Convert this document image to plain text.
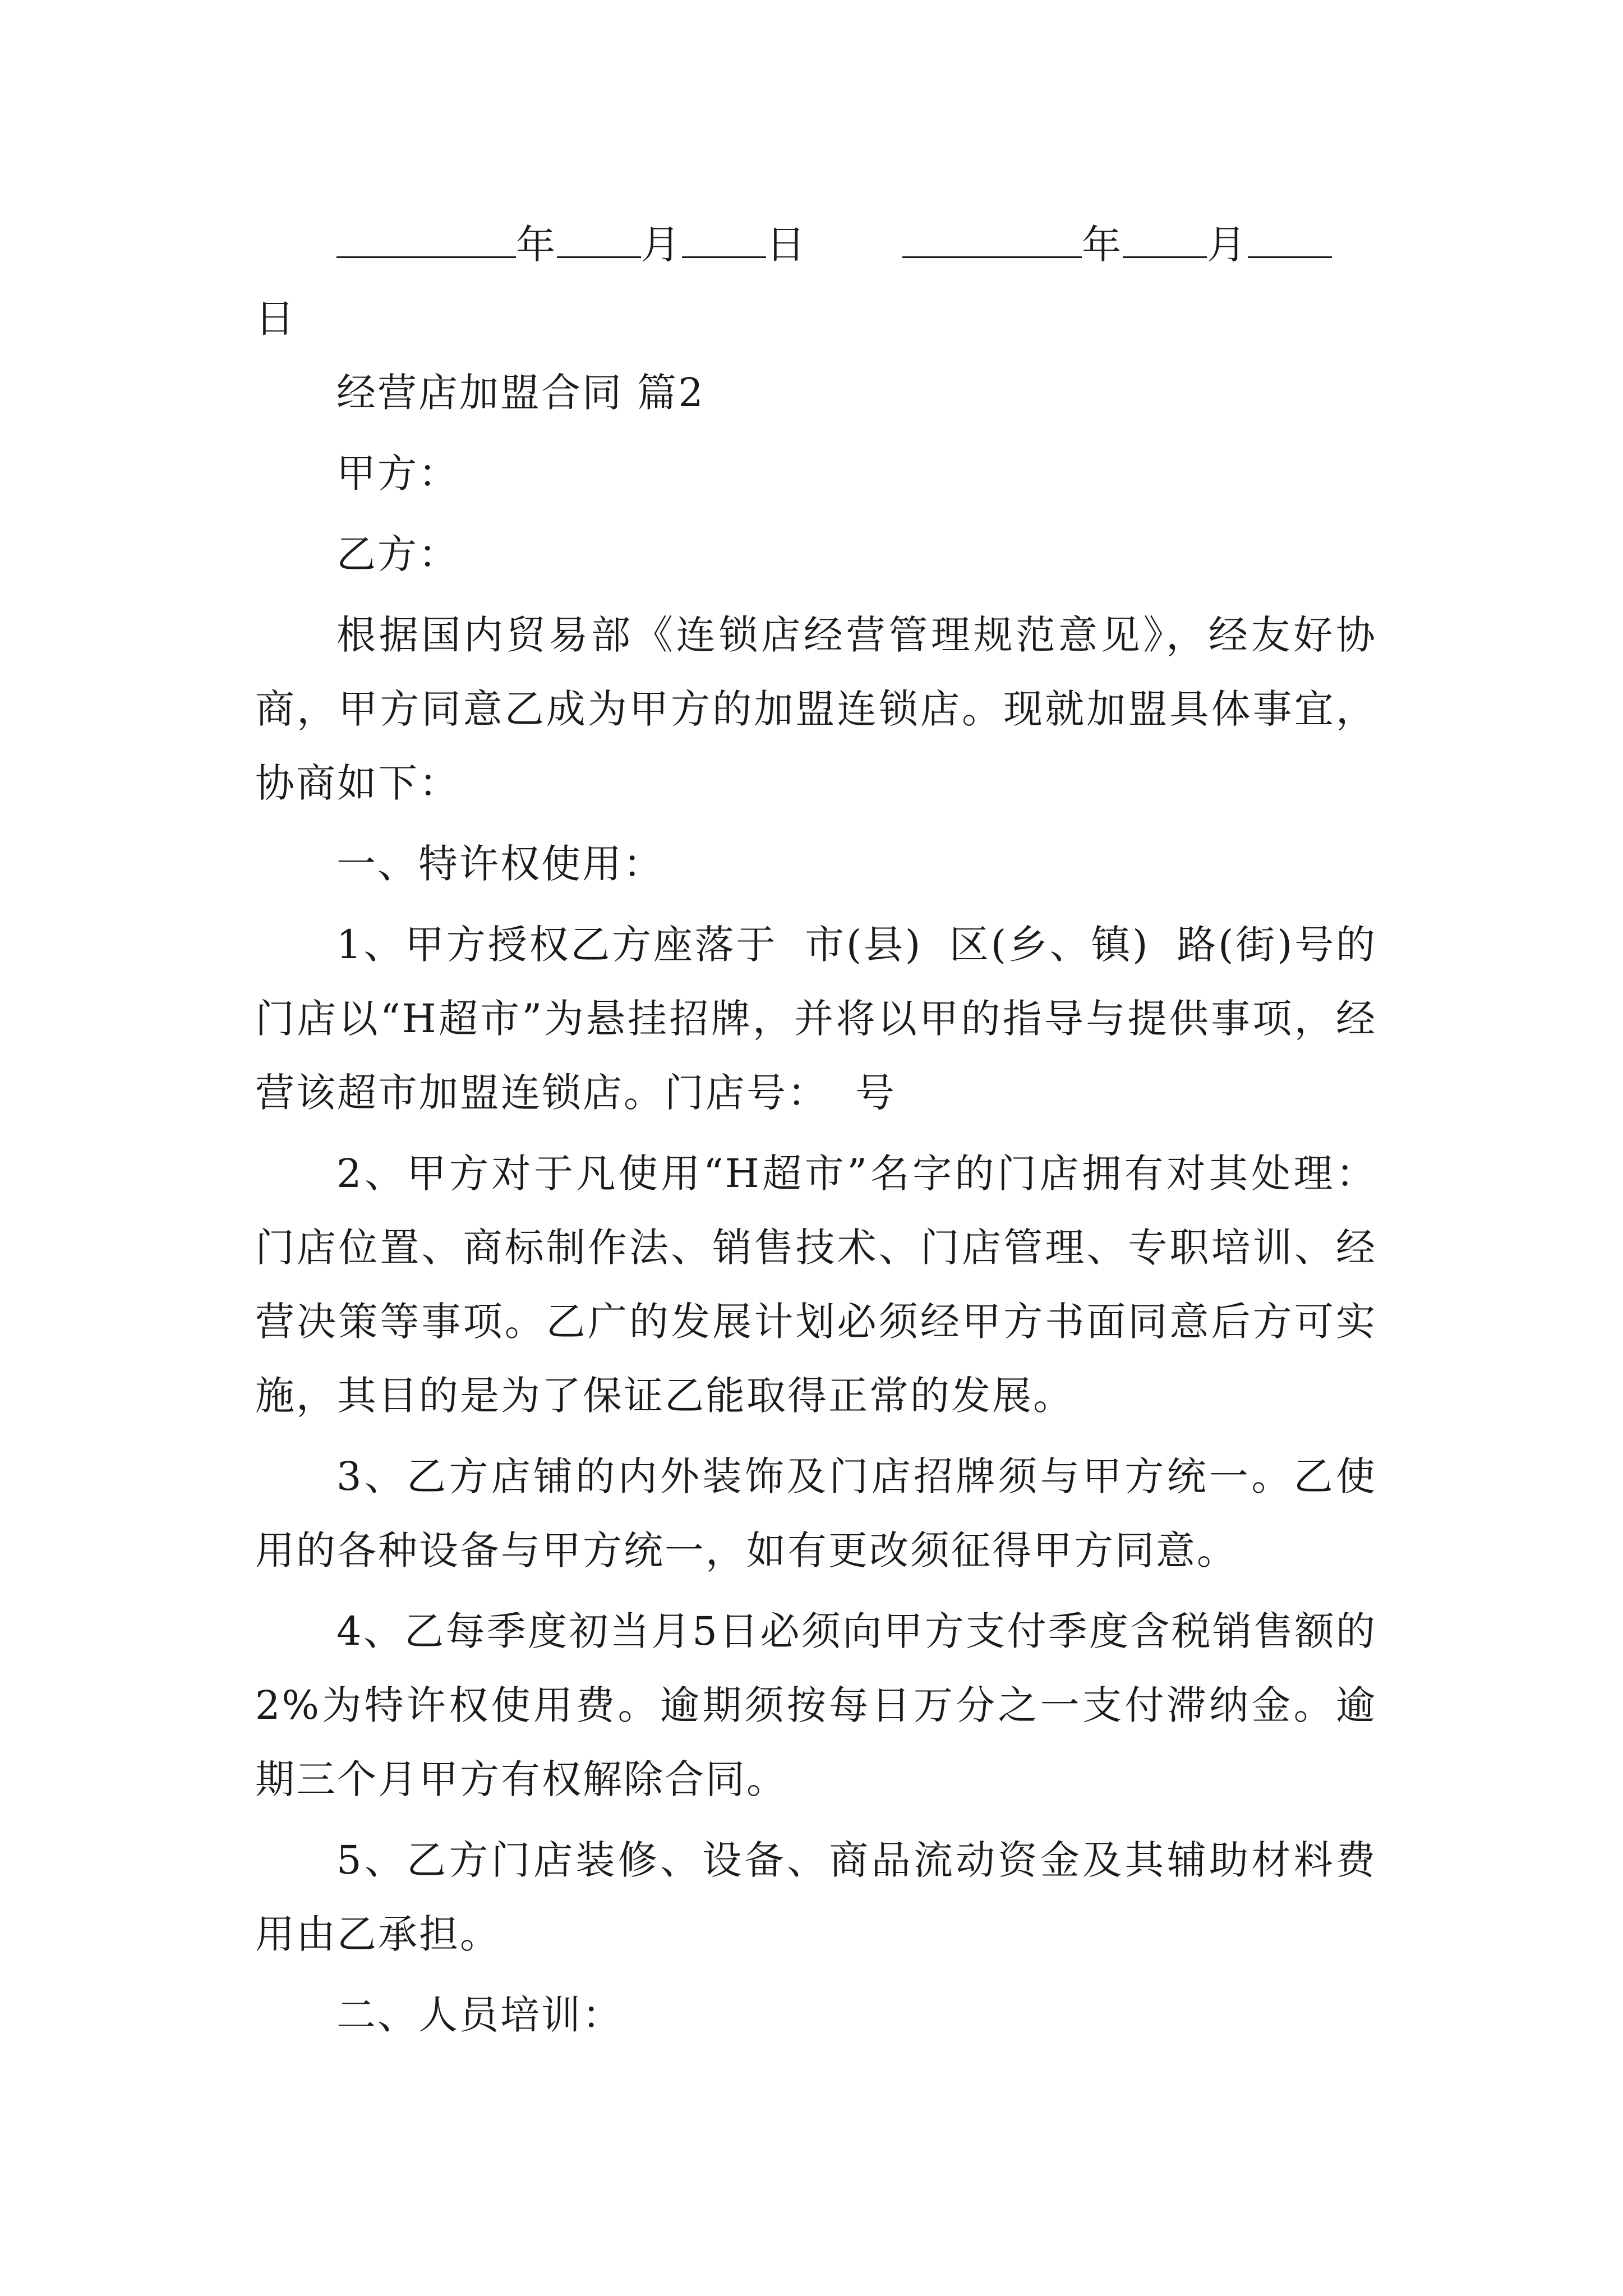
年 月 日	年 月
日

经营店加盟合同 篇2

甲方：

乙方：

根据国内贸易部《连锁店经营管理规范意见》，经友好协商，甲方同意乙成为甲方的加盟连锁店。现就加盟具体事宜，协商如下：

一、特许权使用：

1、甲方授权乙方座落于 市(县) 区(乡、镇) 路(街)号的门店以“H超市”为悬挂招牌，并将以甲的指导与提供事项，经营该超市加盟连锁店。门店号： 号

2、甲方对于凡使用“H超市”名字的门店拥有对其处理：门店位置、商标制作法、销售技术、门店管理、专职培训、经营决策等事项。乙广的发展计划必须经甲方书面同意后方可实施，其目的是为了保证乙能取得正常的发展。

3、乙方店铺的内外装饰及门店招牌须与甲方统一。乙使用的各种设备与甲方统一，如有更改须征得甲方同意。

4、乙每季度初当月5日必须向甲方支付季度含税销售额的2%为特许权使用费。逾期须按每日万分之一支付滞纳金。逾期三个月甲方有权解除合同。

5、乙方门店装修、设备、商品流动资金及其辅助材料费用由乙承担。

二、人员培训：
